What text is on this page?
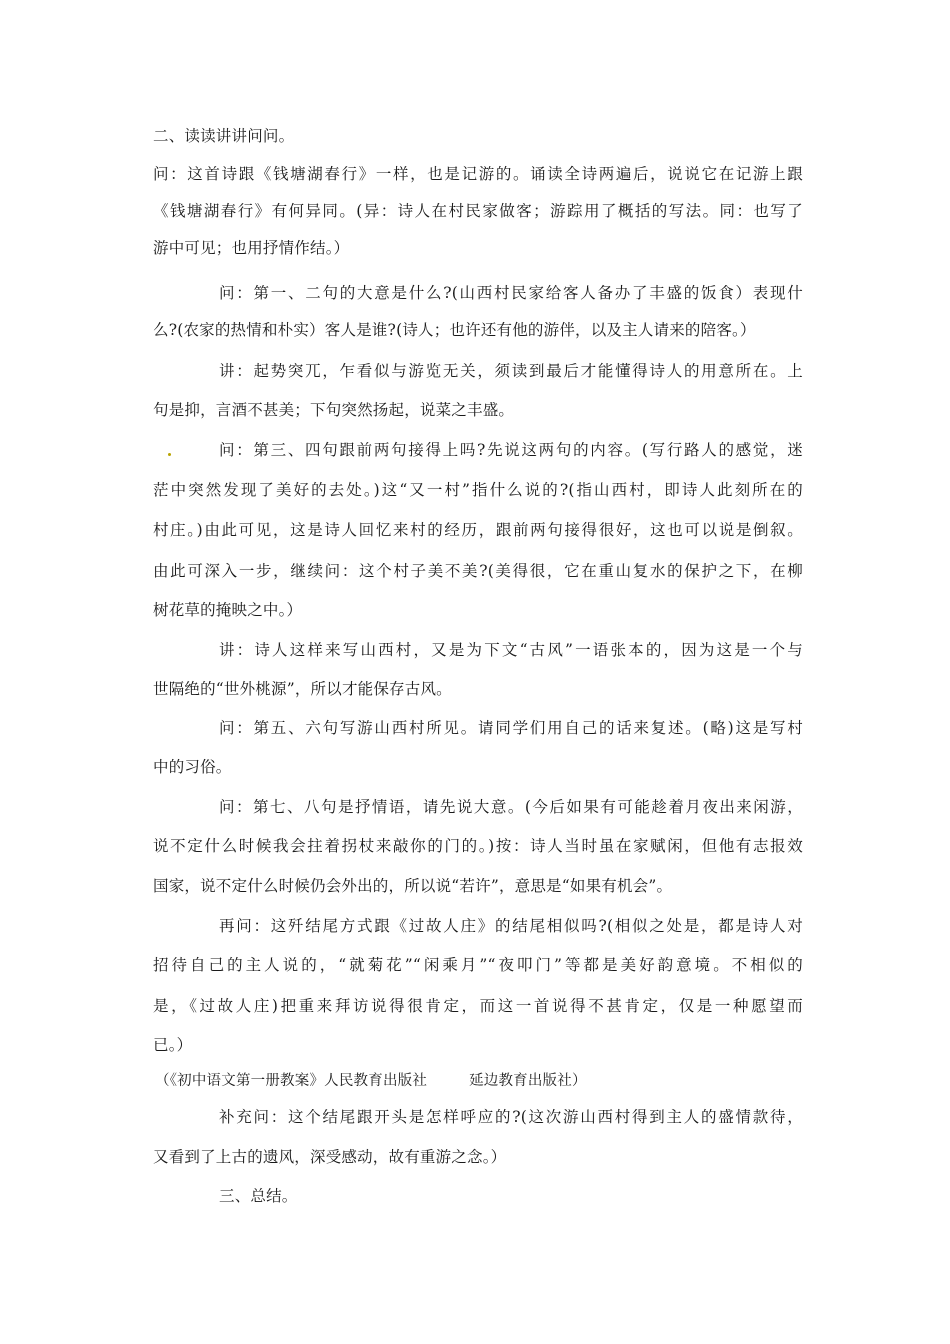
二、读读讲讲问问。
问：这首诗跟《钱塘湖春行》一样，也是记游的。诵读全诗两遍后，说说它在记游上跟
《钱塘湖春行》有何异同。(异：诗人在村民家做客；游踪用了概括的写法。同：也写了
游中可见；也用抒情作结。）
问：第一、二句的大意是什么?(山西村民家给客人备办了丰盛的饭食）表现什
么?(农家的热情和朴实）客人是谁?(诗人；也许还有他的游伴，以及主人请来的陪客。）
讲：起势突兀，乍看似与游览无关，须读到最后才能懂得诗人的用意所在。上
句是抑，言酒不甚美；下句突然扬起，说菜之丰盛。
问：第三、四句跟前两句接得上吗?先说这两句的内容。(写行路人的感觉，迷
茫中突然发现了美好的去处。)这“又一村”指什么说的?(指山西村，即诗人此刻所在的
村庄。)由此可见，这是诗人回忆来村的经历，跟前两句接得很好，这也可以说是倒叙。
由此可深入一步，继续问：这个村子美不美?(美得很，它在重山复水的保护之下，在柳
树花草的掩映之中。）
讲：诗人这样来写山西村，又是为下文“古风”一语张本的，因为这是一个与
世隔绝的“世外桃源”，所以才能保存古风。
问：第五、六句写游山西村所见。请同学们用自己的话来复述。(略)这是写村
中的习俗。
问：第七、八句是抒情语，请先说大意。(今后如果有可能趁着月夜出来闲游，
说不定什么时候我会拄着拐杖来敲你的门的。)按：诗人当时虽在家赋闲，但他有志报效
国家，说不定什么时候仍会外出的，所以说“若许”，意思是“如果有机会”。
再问：这歼结尾方式跟《过故人庄》的结尾相似吗?(相似之处是，都是诗人对
招待自己的主人说的，“就菊花”“闲乘月”“夜叩门”等都是美好韵意境。不相似的
是，《过故人庄)把重来拜访说得很肯定，而这一首说得不甚肯定，仅是一种愿望而
已。）
（《初中语文第一册教案》人民教育出版社	延边教育出版社）
补充问：这个结尾跟开头是怎样呼应的?(这次游山西村得到主人的盛情款待，
又看到了上古的遗风，深受感动，故有重游之念。）
三、总结。
